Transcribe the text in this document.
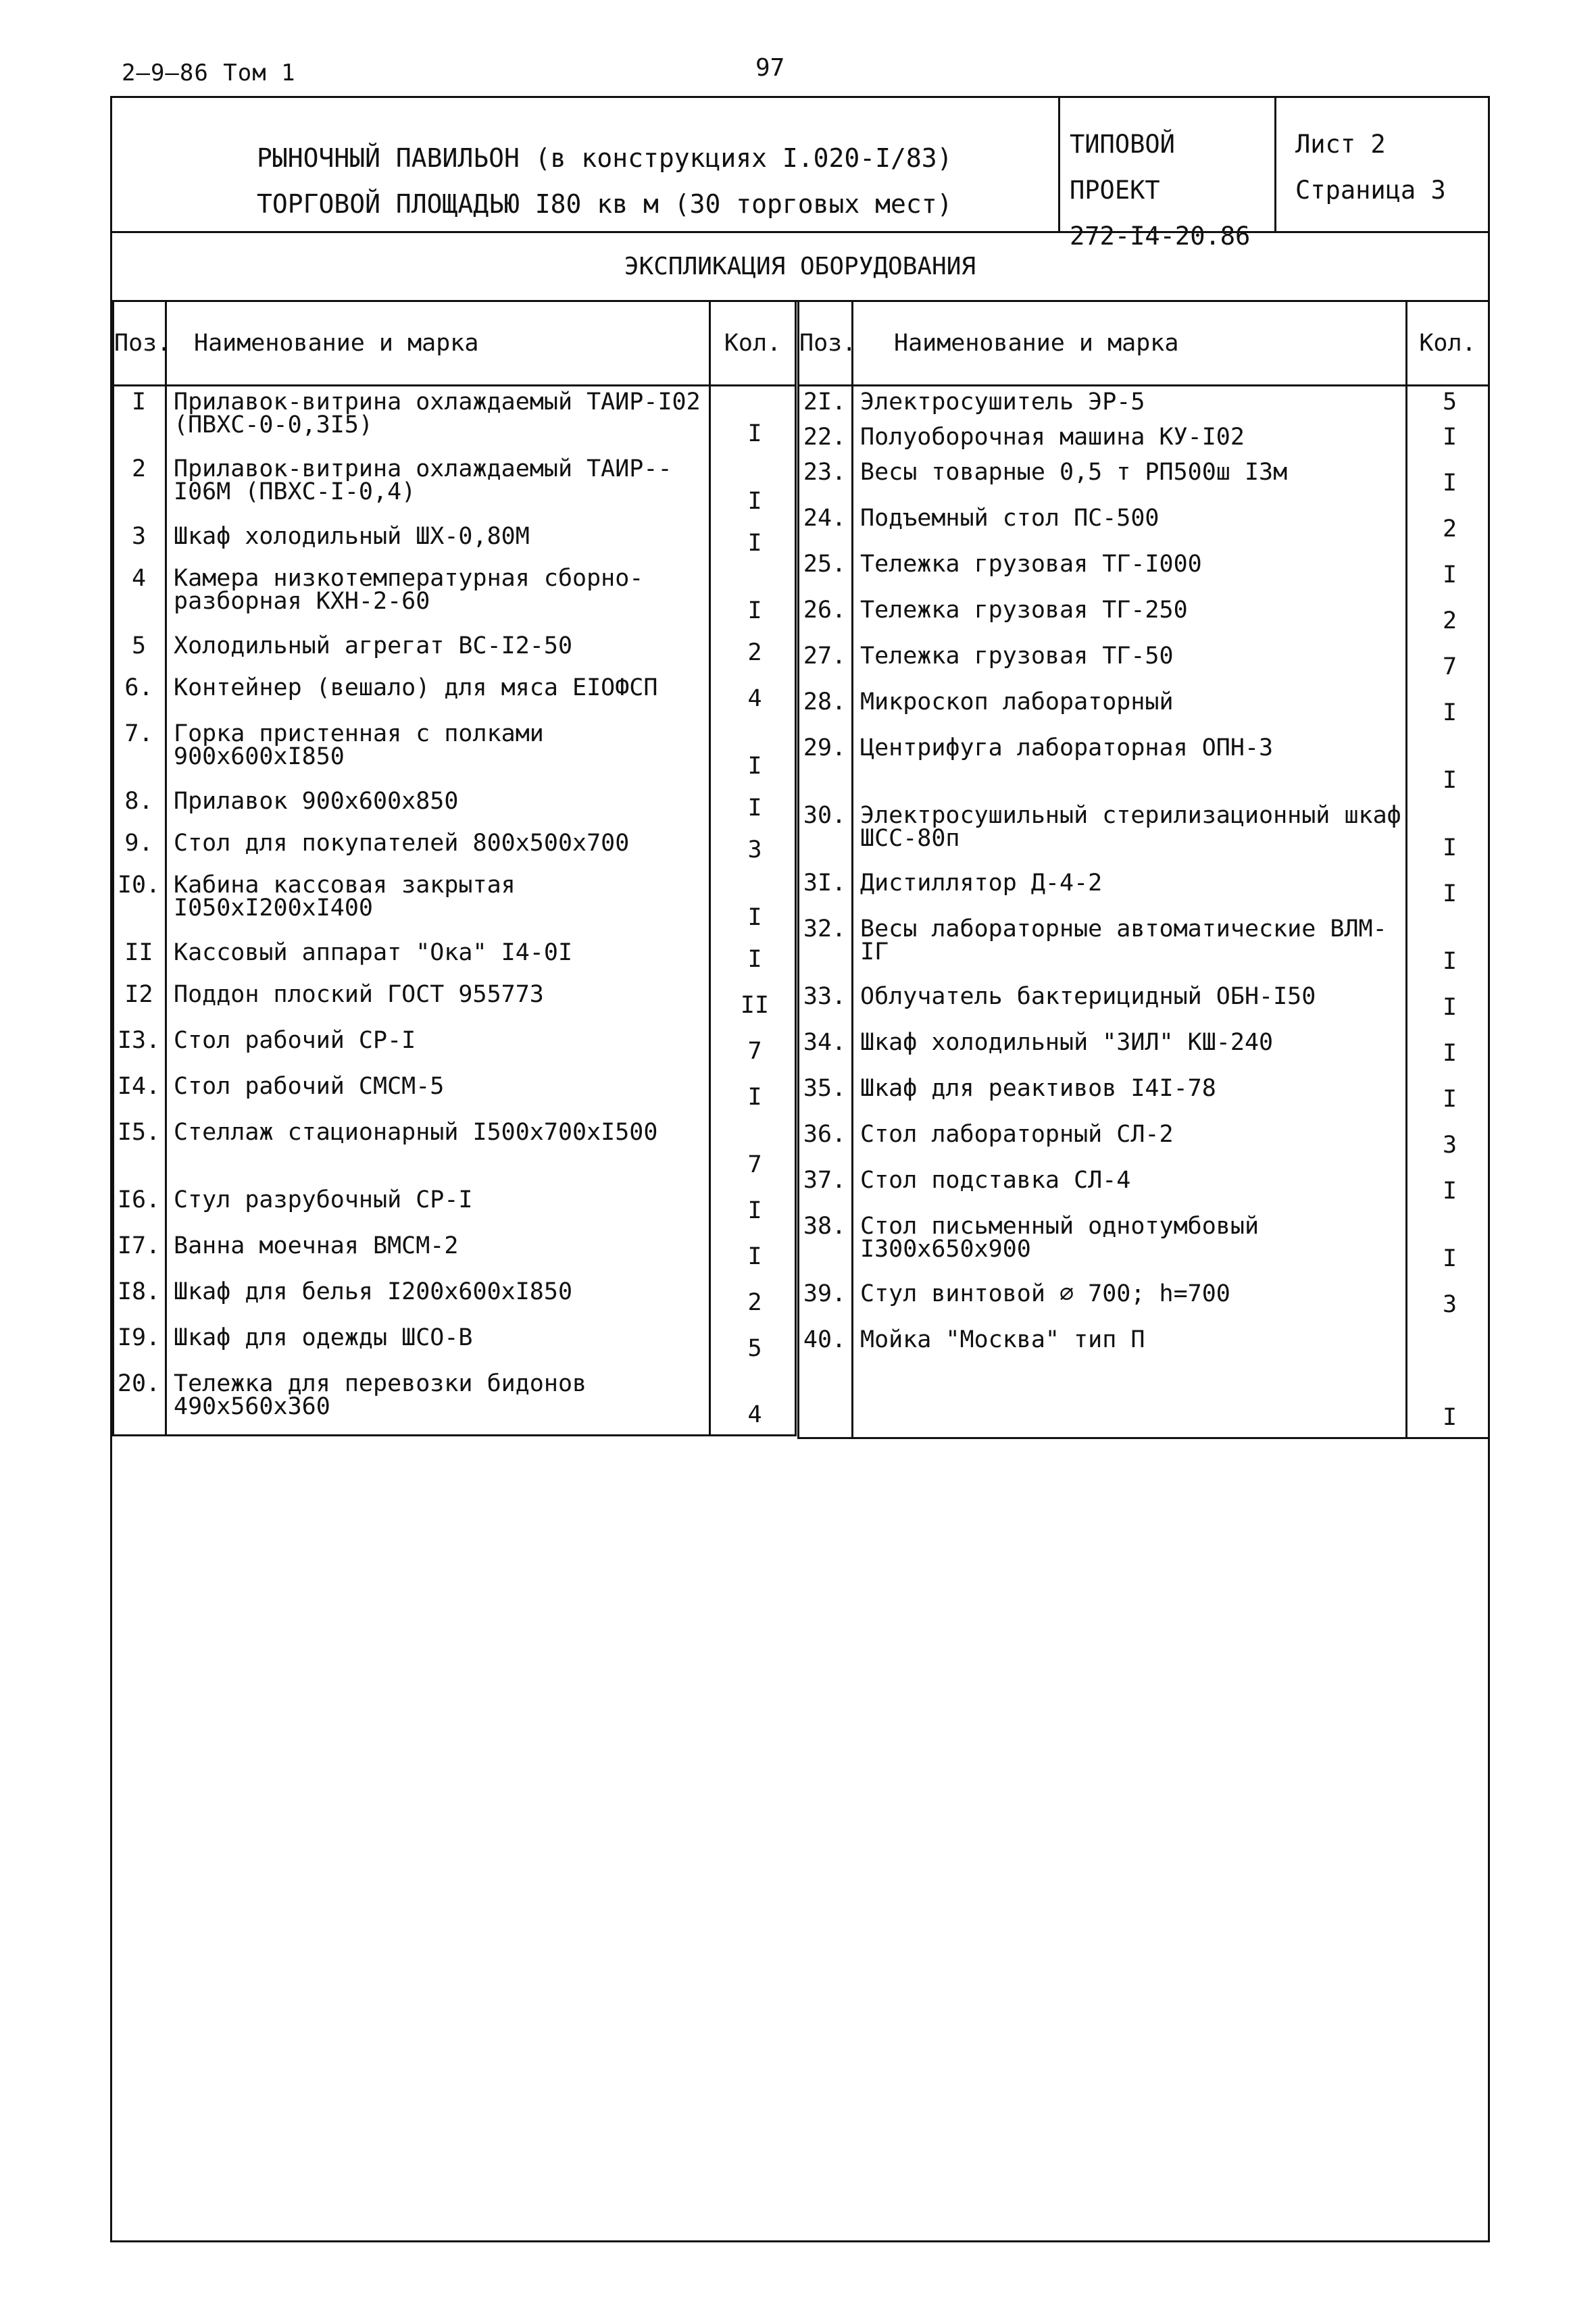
2—9—86 Том 1	97
РЫНОЧНЫЙ ПАВИЛЬОН (в конструкциях I.020-I/83)
ТОРГОВОЙ ПЛОЩАДЬЮ I80 кв м (30 торговых мест)
ТИПОВОЙ ПРОЕКТ
272-I4-20.86
Лист 2
Страница 3
ЭКСПЛИКАЦИЯ ОБОРУДОВАНИЯ
Поз.	Наименование и марка	Кол.
I	Прилавок-витрина охлаждаемый ТАИР-I02 (ПВХС-0-0,3I5)	I
2	Прилавок-витрина охлаждаемый ТАИР--I06М (ПВХС-I-0,4)	I
3	Шкаф холодильный ШХ-0,80М	I
4	Камера низкотемпературная сборно-разборная КХН-2-60	I
5	Холодильный агрегат ВС-I2-50	2
6.	Контейнер (вешало) для мяса ЕIОФСП	4
7.	Горка пристенная с полками 900х600хI850	I
8.	Прилавок 900х600х850	I
9.	Стол для покупателей 800х500х700	3
I0.	Кабина кассовая закрытая I050хI200хI400	I
II	Кассовый аппарат "Ока" I4-0I	I
I2	Поддон плоский ГОСТ 955773	II
I3.	Стол рабочий СР-I	7
I4.	Стол рабочий СМСМ-5	I
I5.	Стеллаж стационарный I500х700хI500	7
I6.	Стул разрубочный СР-I	I
I7.	Ванна моечная ВМСМ-2	I
I8.	Шкаф для белья I200х600хI850	2
I9.	Шкаф для одежды ШСО-В	5
20.	Тележка для перевозки бидонов 490х560х360	4
Поз.	Наименование и марка	Кол.
2I.	Электросушитель ЭР-5	5
22.	Полуоборочная машина КУ-I02	I
23.	Весы товарные 0,5 т РП500ш I3м	I
24.	Подъемный стол ПС-500	2
25.	Тележка грузовая ТГ-I000	I
26.	Тележка грузовая ТГ-250	2
27.	Тележка грузовая ТГ-50	7
28.	Микроскоп лабораторный	I
29.	Центрифуга лабораторная ОПН-3	I
30.	Электросушильный стерилизационный шкаф ШСС-80п	I
3I.	Дистиллятор Д-4-2	I
32.	Весы лабораторные автоматические ВЛМ-IГ	I
33.	Облучатель бактерицидный ОБН-I50	I
34.	Шкаф холодильный "ЗИЛ" КШ-240	I
35.	Шкаф для реактивов I4I-78	I
36.	Стол лабораторный СЛ-2	3
37.	Стол подставка СЛ-4	I
38.	Стол письменный однотумбовый I300х650х900	I
39.	Стул винтовой ∅ 700; h=700	3
40.	Мойка "Москва" тип П	I
